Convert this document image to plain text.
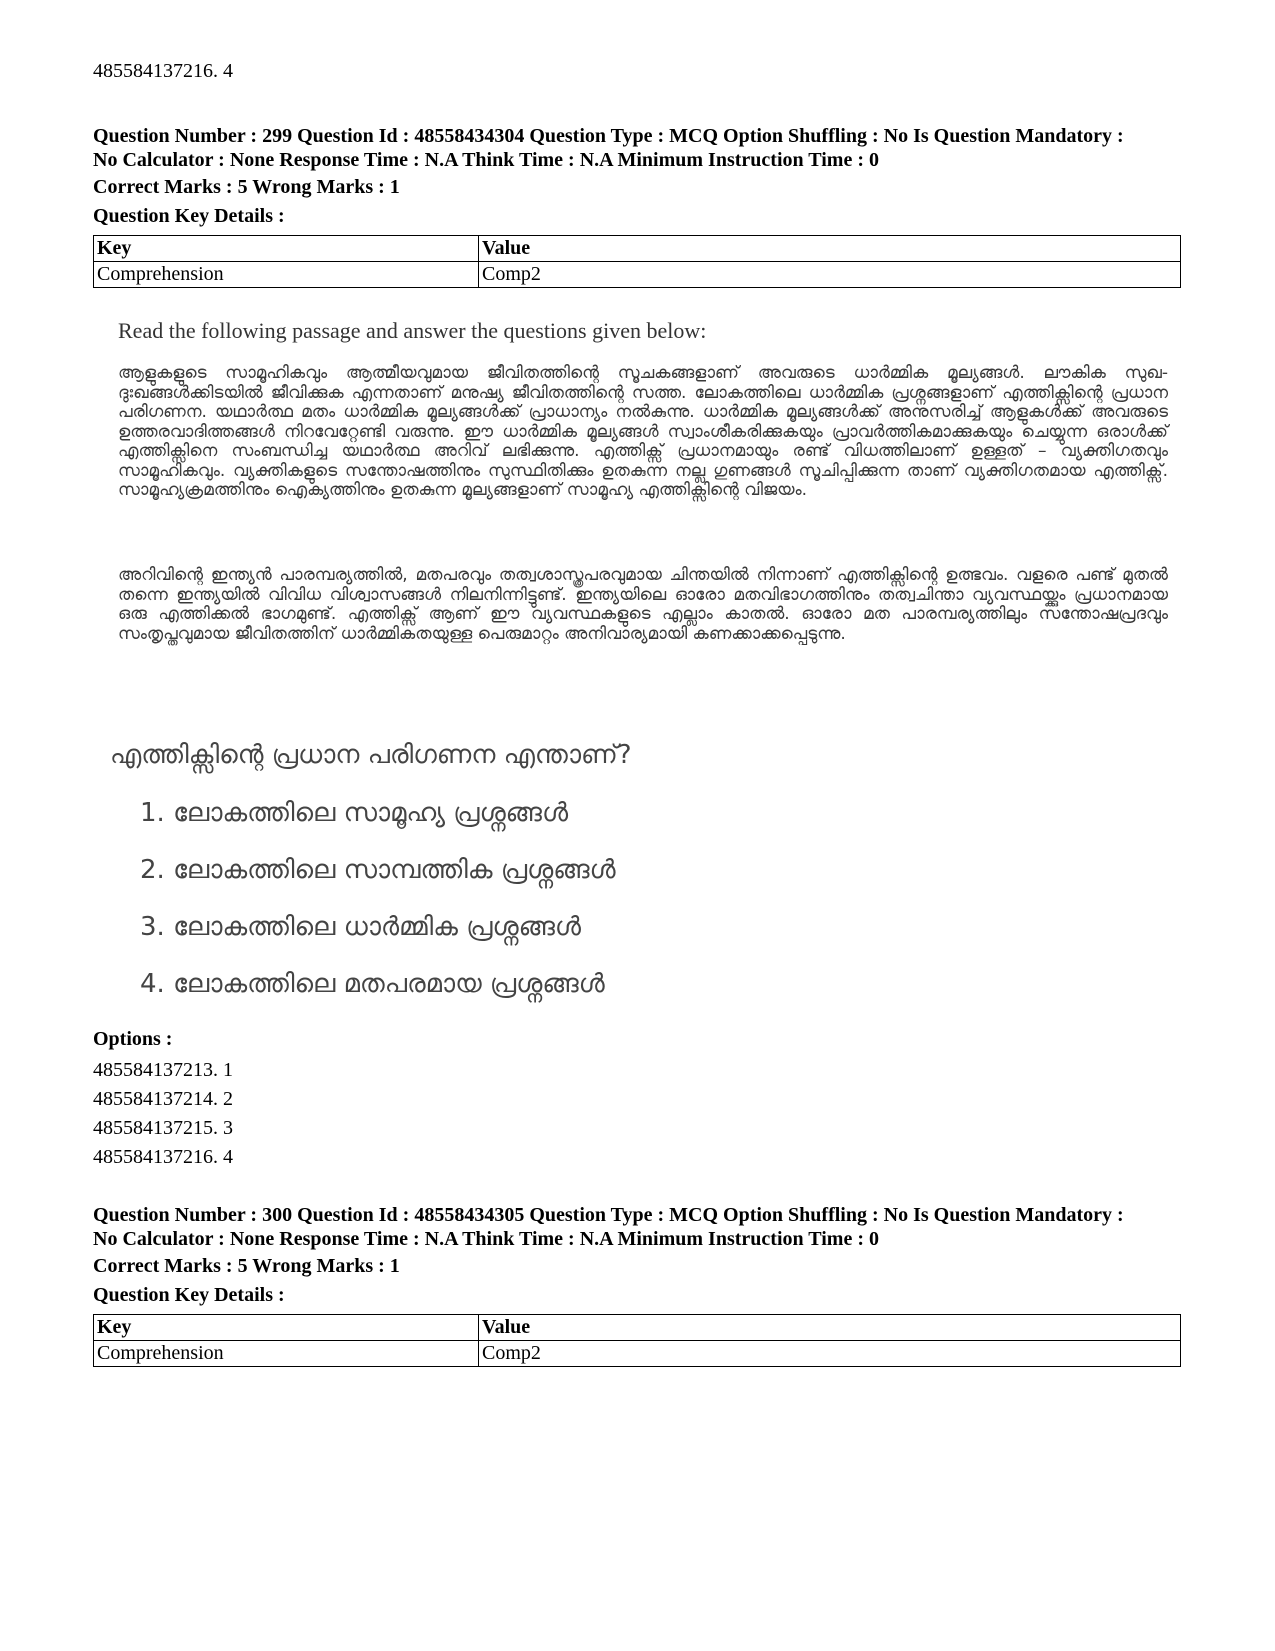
485584137216. 4
Question Number : 299 Question Id : 48558434304 Question Type : MCQ Option Shuffling : No Is Question Mandatory :
No Calculator : None Response Time : N.A Think Time : N.A Minimum Instruction Time : 0
Correct Marks : 5 Wrong Marks : 1
Question Key Details :
Key	Value
Comprehension	Comp2
Read the following passage and answer the questions given below:
ആളുകളുടെ സാമൂഹികവും ആത്മീയവുമായ ജീവിതത്തിന്റെ സൂചകങ്ങളാണ് അവരുടെ ധാർമ്മിക മൂല്യങ്ങൾ. ലൗകിക സുഖ-ദുഃഖങ്ങൾക്കിടയിൽ ജീവിക്കുക എന്നതാണ് മനുഷ്യ ജീവിതത്തിന്റെ സത്ത. ലോകത്തിലെ ധാർമ്മിക പ്രശ്നങ്ങളാണ് എത്തിക്സിന്റെ പ്രധാന പരിഗണന. യഥാർത്ഥ മതം ധാർമ്മിക മൂല്യങ്ങൾക്ക് പ്രാധാന്യം നൽകുന്നു. ധാർമ്മിക മൂല്യങ്ങൾക്ക് അനുസരിച്ച് ആളുകൾക്ക് അവരുടെ ഉത്തരവാദിത്തങ്ങൾ നിറവേറ്റേണ്ടി വരുന്നു. ഈ ധാർമ്മിക മൂല്യങ്ങൾ സ്വാംശീകരിക്കുകയും പ്രാവർത്തികമാക്കുകയും ചെയ്യുന്ന ഒരാൾക്ക് എത്തിക്സിനെ സംബന്ധിച്ച യഥാർത്ഥ അറിവ് ലഭിക്കുന്നു. എത്തിക്സ് പ്രധാനമായും രണ്ട് വിധത്തിലാണ് ഉള്ളത് – വ്യക്തിഗതവും സാമൂഹികവും. വ്യക്തികളുടെ സന്തോഷത്തിനും സുസ്ഥിതിക്കും ഉതകുന്ന നല്ല ഗുണങ്ങൾ സൂചിപ്പിക്കുന്ന താണ് വ്യക്തിഗതമായ എത്തിക്സ്. സാമൂഹ്യക്രമത്തിനും ഐക്യത്തിനും ഉതകുന്ന മൂല്യങ്ങളാണ് സാമൂഹ്യ എത്തിക്സിന്റെ വിജയം.
അറിവിന്റെ ഇന്ത്യൻ പാരമ്പര്യത്തിൽ, മതപരവും തത്വശാസ്ത്രപരവുമായ ചിന്തയിൽ നിന്നാണ് എത്തിക്സിന്റെ ഉത്ഭവം. വളരെ പണ്ട് മുതൽ തന്നെ ഇന്ത്യയിൽ വിവിധ വിശ്വാസങ്ങൾ നിലനിന്നിട്ടുണ്ട്. ഇന്ത്യയിലെ ഓരോ മതവിഭാഗത്തിനും തത്വചിന്താ വ്യവസ്ഥയ്ക്കും പ്രധാനമായ ഒരു എത്തിക്കൽ ഭാഗമുണ്ട്. എത്തിക്സ് ആണ് ഈ വ്യവസ്ഥകളുടെ എല്ലാം കാതൽ. ഓരോ മത പാരമ്പര്യത്തിലും സന്തോഷപ്രദവും സംതൃപ്തവുമായ ജീവിതത്തിന് ധാർമ്മികതയുള്ള പെരുമാറ്റം അനിവാര്യമായി കണക്കാക്കപ്പെടുന്നു.
എത്തിക്സിന്റെ പ്രധാന പരിഗണന എന്താണ്?
1. ലോകത്തിലെ സാമൂഹ്യ പ്രശ്നങ്ങൾ
2. ലോകത്തിലെ സാമ്പത്തിക പ്രശ്നങ്ങൾ
3. ലോകത്തിലെ ധാർമ്മിക പ്രശ്നങ്ങൾ
4. ലോകത്തിലെ മതപരമായ പ്രശ്നങ്ങൾ
Options :
485584137213. 1
485584137214. 2
485584137215. 3
485584137216. 4
Question Number : 300 Question Id : 48558434305 Question Type : MCQ Option Shuffling : No Is Question Mandatory :
No Calculator : None Response Time : N.A Think Time : N.A Minimum Instruction Time : 0
Correct Marks : 5 Wrong Marks : 1
Question Key Details :
Key	Value
Comprehension	Comp2
